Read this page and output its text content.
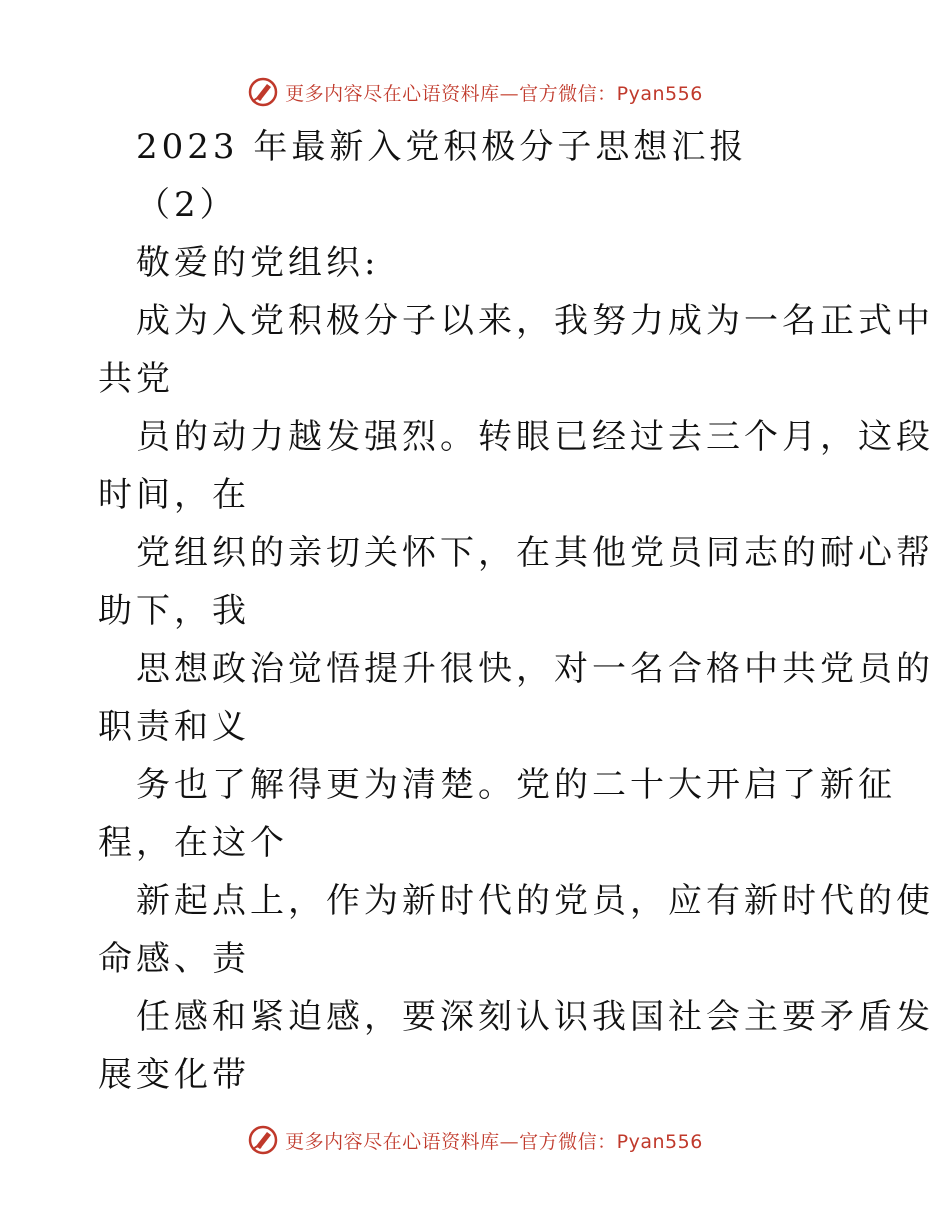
更多内容尽在心语资料库—官方微信：Pyan556
2023 年最新入党积极分子思想汇报
（2）
敬爱的党组织:
成为入党积极分子以来，我努力成为一名正式中
共党
员的动力越发强烈。转眼已经过去三个月，这段
时间，在
党组织的亲切关怀下，在其他党员同志的耐心帮
助下，我
思想政治觉悟提升很快，对一名合格中共党员的
职责和义
务也了解得更为清楚。党的二十大开启了新征
程，在这个
新起点上，作为新时代的党员，应有新时代的使
命感、责
任感和紧迫感，要深刻认识我国社会主要矛盾发
展变化带
更多内容尽在心语资料库—官方微信：Pyan556
